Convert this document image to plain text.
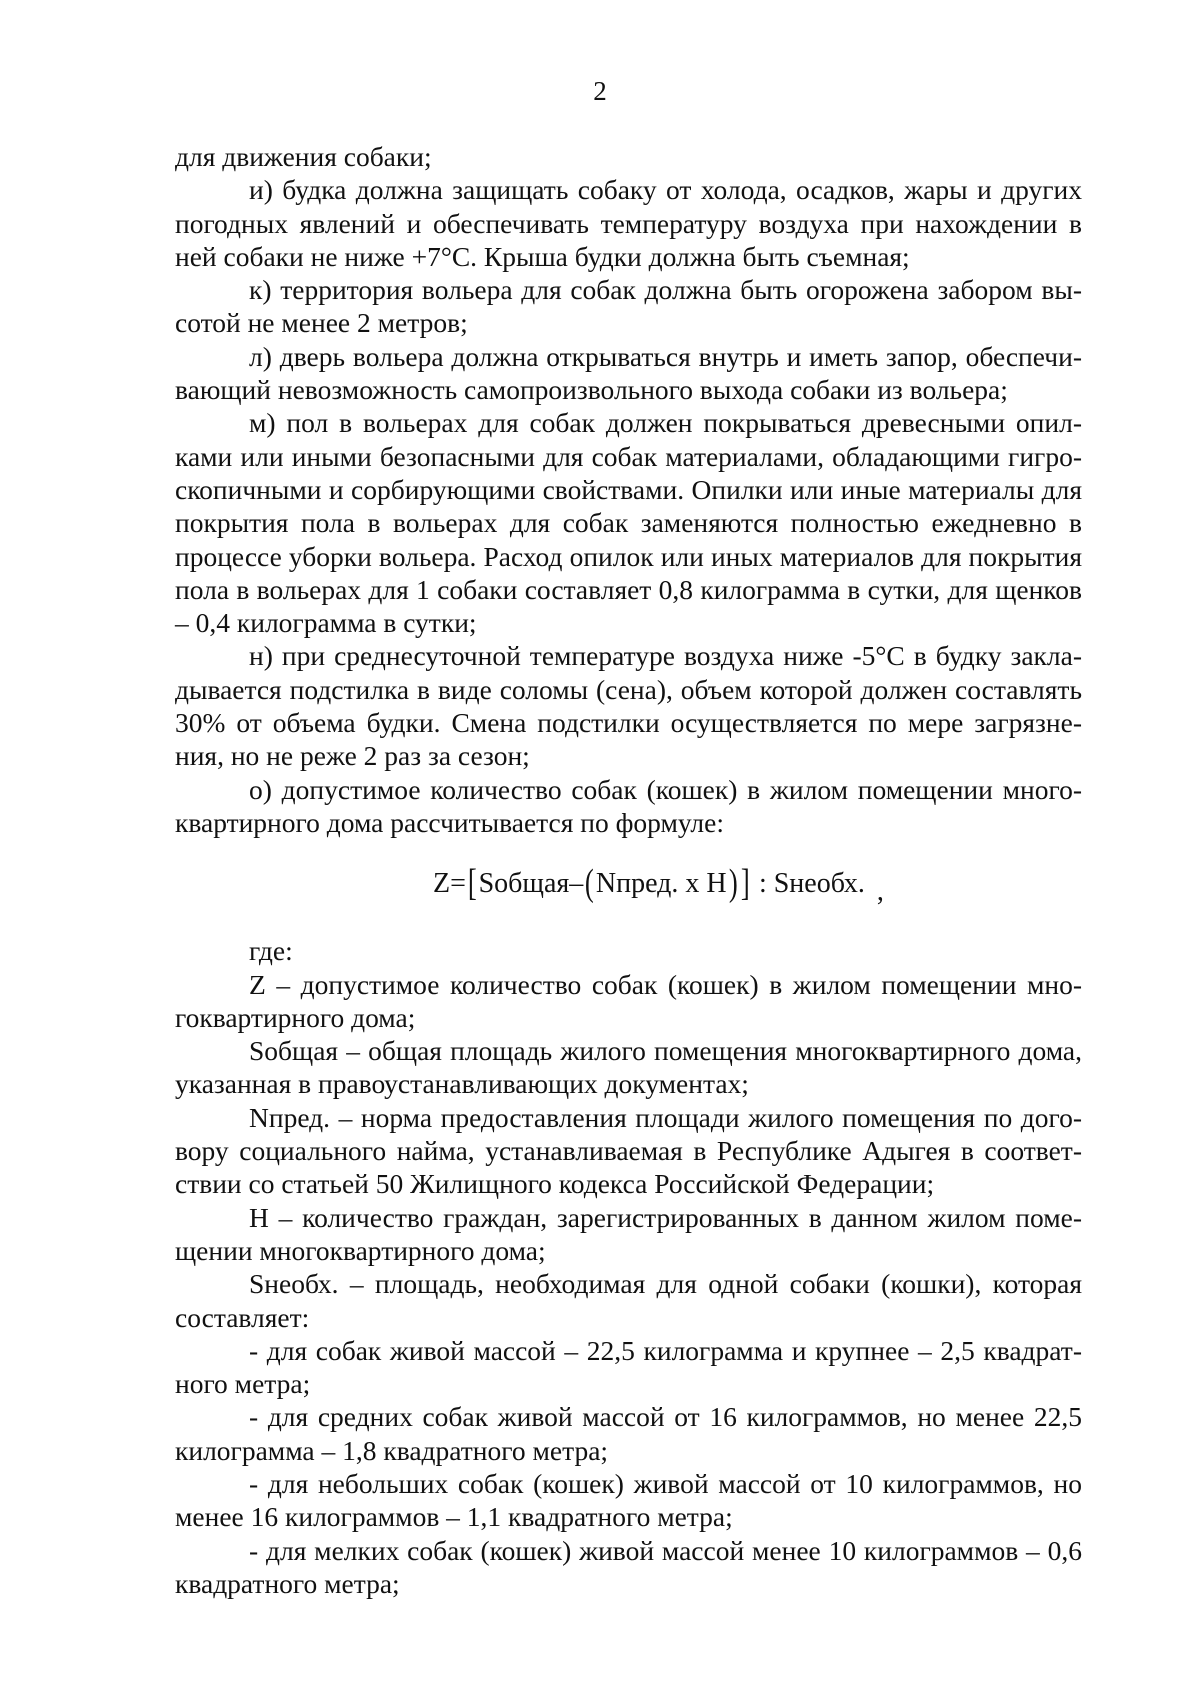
2

для движения собаки;

и) будка должна защищать собаку от холода, осадков, жары и других погодных явлений и обеспечивать температуру воздуха при нахождении в ней собаки не ниже +7°С. Крыша будки должна быть съемная;

к) территория вольера для собак должна быть огорожена забором высотой не менее 2 метров;

л) дверь вольера должна открываться внутрь и иметь запор, обеспечивающий невозможность самопроизвольного выхода собаки из вольера;

м) пол в вольерах для собак должен покрываться древесными опилками или иными безопасными для собак материалами, обладающими гигроскопичными и сорбирующими свойствами. Опилки или иные материалы для покрытия пола в вольерах для собак заменяются полностью ежедневно в процессе уборки вольера. Расход опилок или иных материалов для покрытия пола в вольерах для 1 собаки составляет 0,8 килограмма в сутки, для щенков – 0,4 килограмма в сутки;

н) при среднесуточной температуре воздуха ниже -5°С в будку закладывается подстилка в виде соломы (сена), объем которой должен составлять 30% от объема будки. Смена подстилки осуществляется по мере загрязнения, но не реже 2 раз за сезон;

о) допустимое количество собак (кошек) в жилом помещении многоквартирного дома рассчитывается по формуле:

Z=[Sобщая–(Nпред. х Н)] : Sнеобх. ,

где:

Z – допустимое количество собак (кошек) в жилом помещении многоквартирного дома;

Sобщая – общая площадь жилого помещения многоквартирного дома, указанная в правоустанавливающих документах;

Nпред. – норма предоставления площади жилого помещения по договору социального найма, устанавливаемая в Республике Адыгея в соответствии со статьей 50 Жилищного кодекса Российской Федерации;

Н – количество граждан, зарегистрированных в данном жилом помещении многоквартирного дома;

Sнеобх. – площадь, необходимая для одной собаки (кошки), которая составляет:

- для собак живой массой – 22,5 килограмма и крупнее – 2,5 квадратного метра;

- для средних собак живой массой от 16 килограммов, но менее 22,5 килограмма – 1,8 квадратного метра;

- для небольших собак (кошек) живой массой от 10 килограммов, но менее 16 килограммов – 1,1 квадратного метра;

- для мелких собак (кошек) живой массой менее 10 килограммов – 0,6 квадратного метра;
